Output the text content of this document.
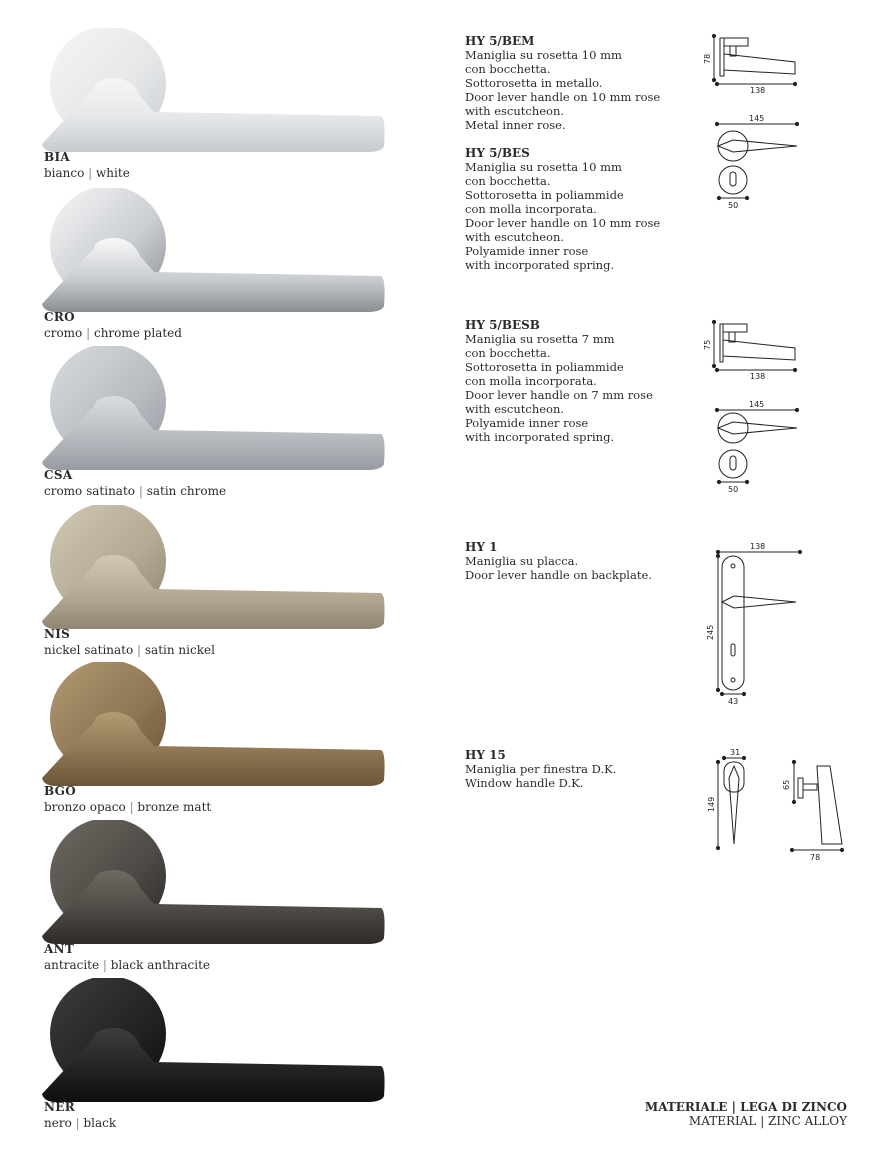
BIA
bianco | white
CRO
cromo | chrome plated
CSA
cromo satinato | satin chrome
NIS
nickel satinato | satin nickel
BGO
bronzo opaco | bronze matt
ANT
antracite | black anthracite
NER
nero | black
HY 5/BEM
Maniglia su rosetta 10 mm
con bocchetta.
Sottorosetta in metallo.
Door lever handle on 10 mm rose
with escutcheon.
Metal inner rose.
HY 5/BES
Maniglia su rosetta 10 mm
con bocchetta.
Sottorosetta in poliammide
con molla incorporata.
Door lever handle on 10 mm rose
with escutcheon.
Polyamide inner rose
with incorporated spring.
HY 5/BESB
Maniglia su rosetta 7 mm
con bocchetta.
Sottorosetta in poliammide
con molla incorporata.
Door lever handle on 7 mm rose
with escutcheon.
Polyamide inner rose
with incorporated spring.
HY 1
Maniglia su placca.
Door lever handle on backplate.
HY 15
Maniglia per finestra D.K.
Window handle D.K.
78
138
145
50
75
138
145
50
138
245
43
31
149
65
78
MATERIALE | LEGA DI ZINCO
MATERIAL | ZINC ALLOY
